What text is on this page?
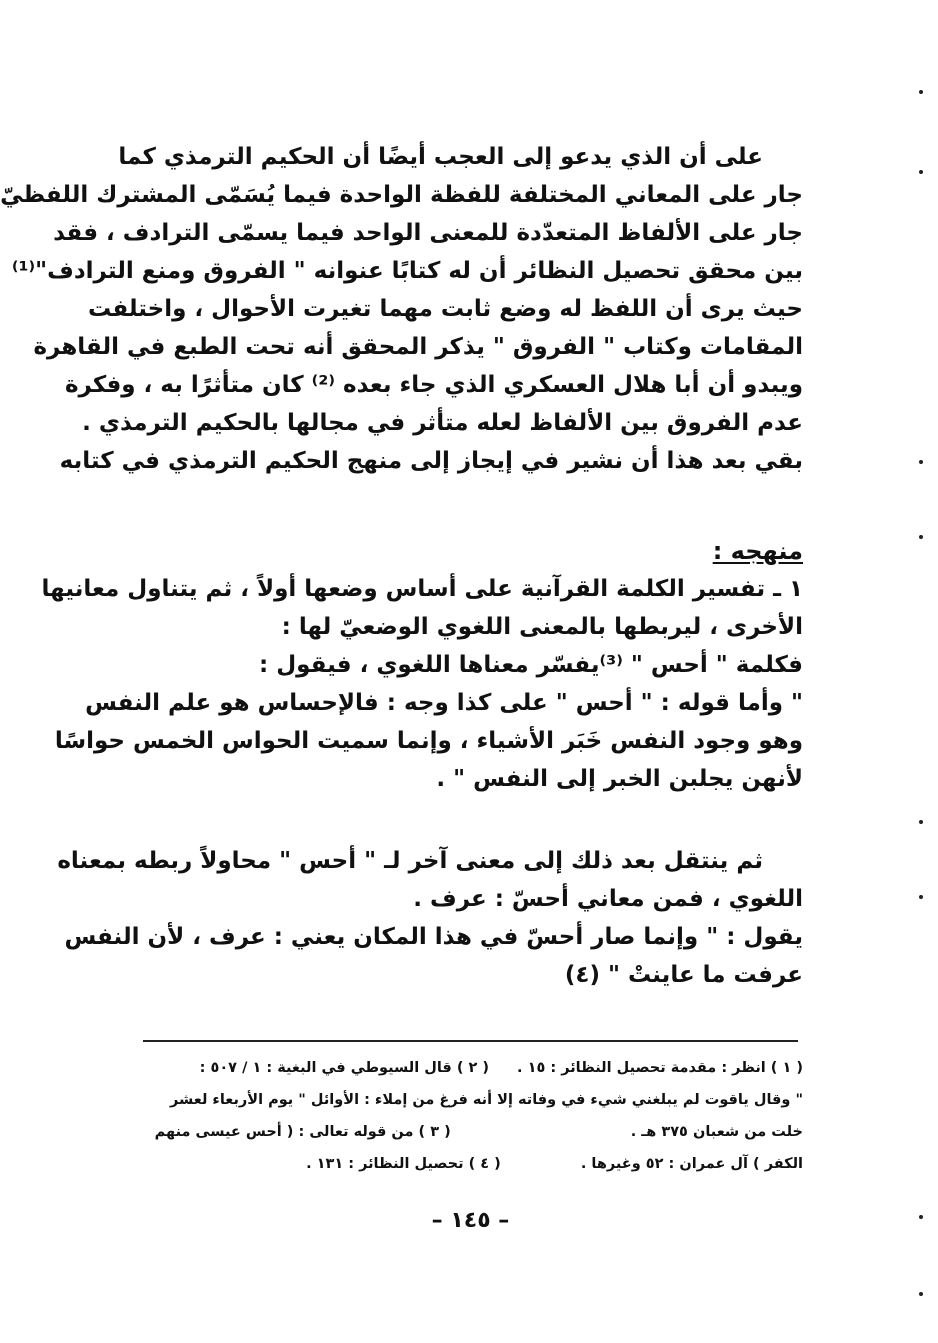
على أن الذي يدعو إلى العجب أيضًا أن الحكيم الترمذي كما
جار على المعاني المختلفة للفظة الواحدة فيما يُسَمّى المشترك اللفظيّ
جار على الألفاظ المتعدّدة للمعنى الواحد فيما يسمّى الترادف ، فقد
بين محقق تحصيل النظائر أن له كتابًا عنوانه " الفروق ومنع الترادف"⁽¹⁾
حيث يرى أن اللفظ له وضع ثابت مهما تغيرت الأحوال ، واختلفت
المقامات وكتاب " الفروق " يذكر المحقق أنه تحت الطبع في القاهرة
ويبدو أن أبا هلال العسكري الذي جاء بعده ⁽²⁾ كان متأثرًا به ، وفكرة
عدم الفروق بين الألفاظ لعله متأثر في مجالها بالحكيم الترمذي .
بقي بعد هذا أن نشير في إيجاز إلى منهج الحكيم الترمذي في كتابه
منهجه :
١ ـ تفسير الكلمة القرآنية على أساس وضعها أولاً ، ثم يتناول معانيها
الأخرى ، ليربطها بالمعنى اللغوي الوضعيّ لها :
فكلمة " أحس " ⁽³⁾يفسّر معناها اللغوي ، فيقول :
" وأما قوله : " أحس " على كذا وجه : فالإحساس هو علم النفس
وهو وجود النفس خَبَر الأشياء ، وإنما سميت الحواس الخمس حواسًا
لأنهن يجلبن الخبر إلى النفس " .
ثم ينتقل بعد ذلك إلى معنى آخر لـ " أحس " محاولاً ربطه بمعناه
اللغوي ، فمن معاني أحسّ : عرف .
يقول : " وإنما صار أحسّ في هذا المكان يعني : عرف ، لأن النفس
عرفت ما عاينتْ " (٤)
( ١ ) انظر : مقدمة تحصيل النظائر : ١٥ .( ٢ ) قال السيوطي في البغية : ١ / ٥٠٧ :
" وقال ياقوت لم يبلغني شيء في وفاته إلا أنه فرغ من إملاء : الأوائل " يوم الأربعاء لعشر
خلت من شعبان ٣٧٥ هـ .( ٣ ) من قوله تعالى : ( أحس عيسى منهم
الكفر ) آل عمران : ٥٢ وغيرها .( ٤ ) تحصيل النظائر : ١٣١ .
– ١٤٥ –
